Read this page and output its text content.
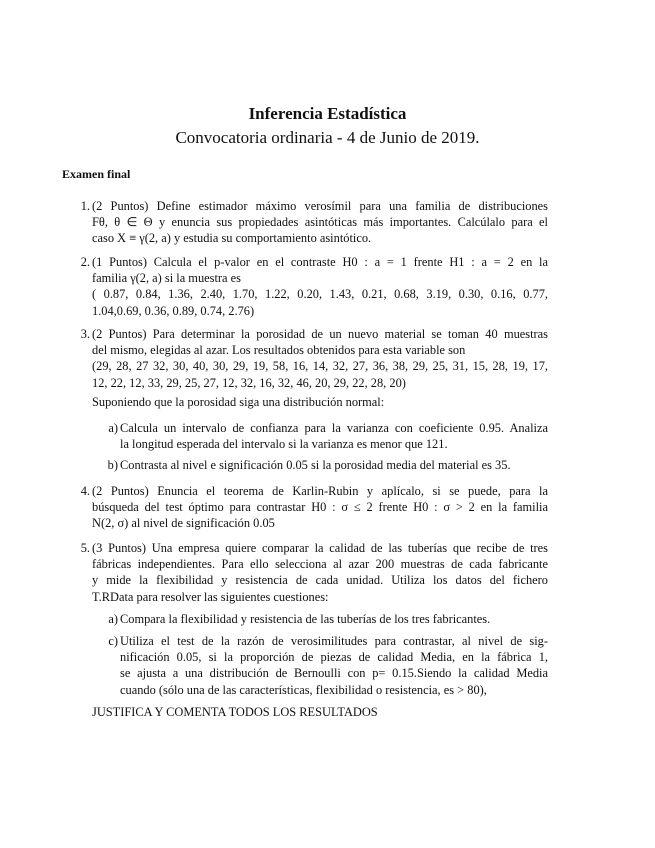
Inferencia Estadística
Convocatoria ordinaria - 4 de Junio de 2019.
Examen final
1. (2 Puntos) Define estimador máximo verosímil para una familia de distribuciones
Fθ, θ ∈ Θ y enuncia sus propiedades asintóticas más importantes. Calcúlalo para el
caso X ≡ γ(2, a) y estudia su comportamiento asintótico.
2. (1 Puntos) Calcula el p-valor en el contraste H0 : a = 1 frente H1 : a = 2 en la
familia γ(2, a) si la muestra es
( 0.87, 0.84, 1.36, 2.40, 1.70, 1.22, 0.20, 1.43, 0.21, 0.68, 3.19, 0.30, 0.16, 0.77,
1.04,0.69, 0.36, 0.89, 0.74, 2.76)
3. (2 Puntos) Para determinar la porosidad de un nuevo material se toman 40 muestras
del mismo, elegidas al azar. Los resultados obtenidos para esta variable son
(29, 28, 27 32, 30, 40, 30, 29, 19, 58, 16, 14, 32, 27, 36, 38, 29, 25, 31, 15, 28, 19, 17,
12, 22, 12, 33, 29, 25, 27, 12, 32, 16, 32, 46, 20, 29, 22, 28, 20)
Suponiendo que la porosidad siga una distribución normal:
a) Calcula un intervalo de confianza para la varianza con coeficiente 0.95. Analiza
la longitud esperada del intervalo si la varianza es menor que 121.
b) Contrasta al nivel e significación 0.05 si la porosidad media del material es 35.
4. (2 Puntos) Enuncia el teorema de Karlin-Rubin y aplícalo, si se puede, para la
búsqueda del test óptimo para contrastar H0 : σ ≤ 2 frente H0 : σ > 2 en la familia
N(2, σ) al nivel de significación 0.05
5. (3 Puntos) Una empresa quiere comparar la calidad de las tuberías que recibe de tres
fábricas independientes. Para ello selecciona al azar 200 muestras de cada fabricante
y mide la flexibilidad y resistencia de cada unidad. Utiliza los datos del fichero
T.RData para resolver las siguientes cuestiones:
a) Compara la flexibilidad y resistencia de las tuberías de los tres fabricantes.
c) Utiliza el test de la razón de verosimilitudes para contrastar, al nivel de sig-
nificación 0.05, si la proporción de piezas de calidad Media, en la fábrica 1,
se ajusta a una distribución de Bernoulli con p= 0.15.Siendo la calidad Media
cuando (sólo una de las características, flexibilidad o resistencia, es > 80),
JUSTIFICA Y COMENTA TODOS LOS RESULTADOS
